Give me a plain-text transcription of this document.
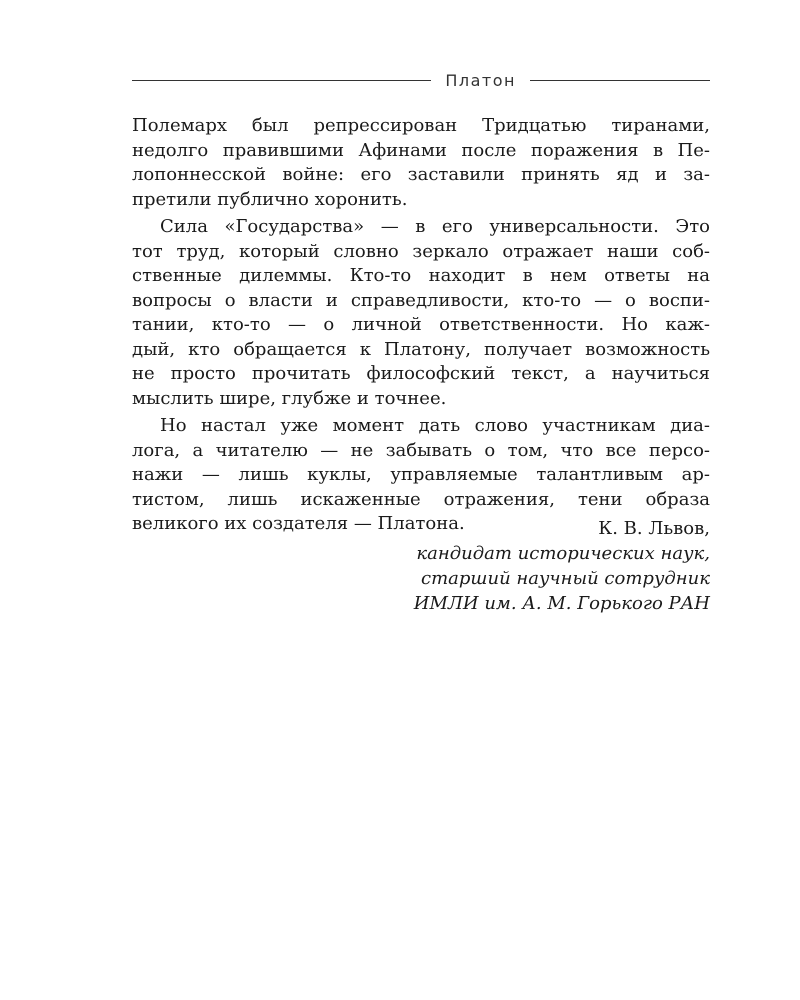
Платон

Полемарх был репрессирован Тридцатью тиранами,
недолго правившими Афинами после поражения в Пе-
лопоннесской войне: его заставили принять яд и за-
претили публично хоронить.

Сила «Государства» — в его универсальности. Это
тот труд, который словно зеркало отражает наши соб-
ственные дилеммы. Кто-то находит в нем ответы на
вопросы о власти и справедливости, кто-то — о воспи-
тании, кто-то — о личной ответственности. Но каж-
дый, кто обращается к Платону, получает возможность
не просто прочитать философский текст, а научиться
мыслить шире, глубже и точнее.

Но настал уже момент дать слово участникам диа-
лога, а читателю — не забывать о том, что все персо-
нажи — лишь куклы, управляемые талантливым ар-
тистом, лишь искаженные отражения, тени образа
великого их создателя — Платона.	К. В. Львов,
кандидат исторических наук,
старший научный сотрудник
ИМЛИ им. А. М. Горького РАН
